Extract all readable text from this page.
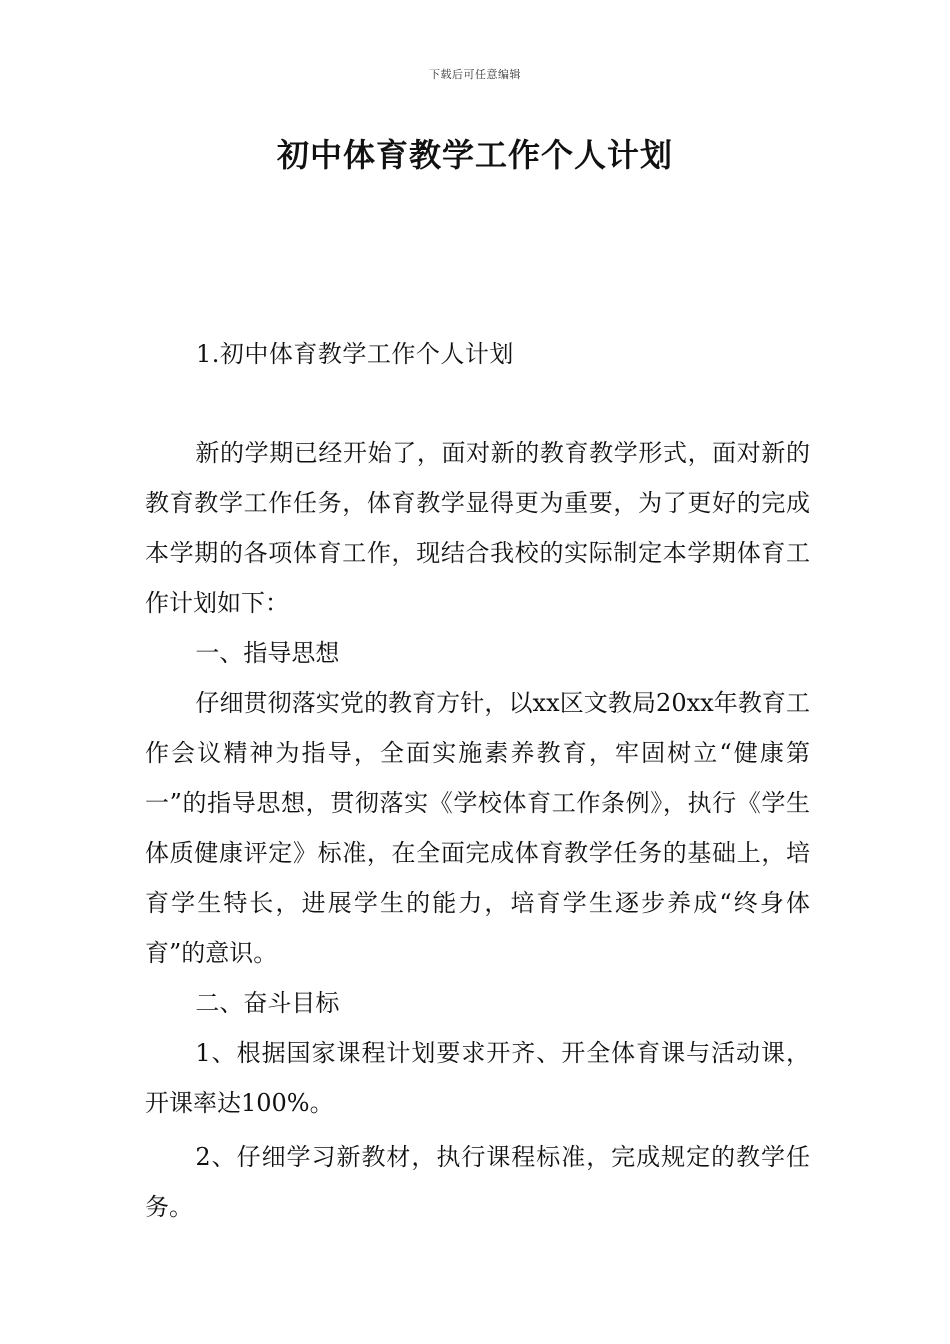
下载后可任意编辑
初中体育教学工作个人计划
1.初中体育教学工作个人计划

新的学期已经开始了，面对新的教育教学形式，面对新的教育教学工作任务，体育教学显得更为重要，为了更好的完成本学期的各项体育工作，现结合我校的实际制定本学期体育工作计划如下：

一、指导思想

仔细贯彻落实党的教育方针，以xx区文教局20xx年教育工作会议精神为指导，全面实施素养教育，牢固树立“健康第一”的指导思想，贯彻落实《学校体育工作条例》，执行《学生体质健康评定》标准，在全面完成体育教学任务的基础上，培育学生特长，进展学生的能力，培育学生逐步养成“终身体育”的意识。

二、奋斗目标

1、根据国家课程计划要求开齐、开全体育课与活动课，开课率达100%。

2、仔细学习新教材，执行课程标准，完成规定的教学任务。
